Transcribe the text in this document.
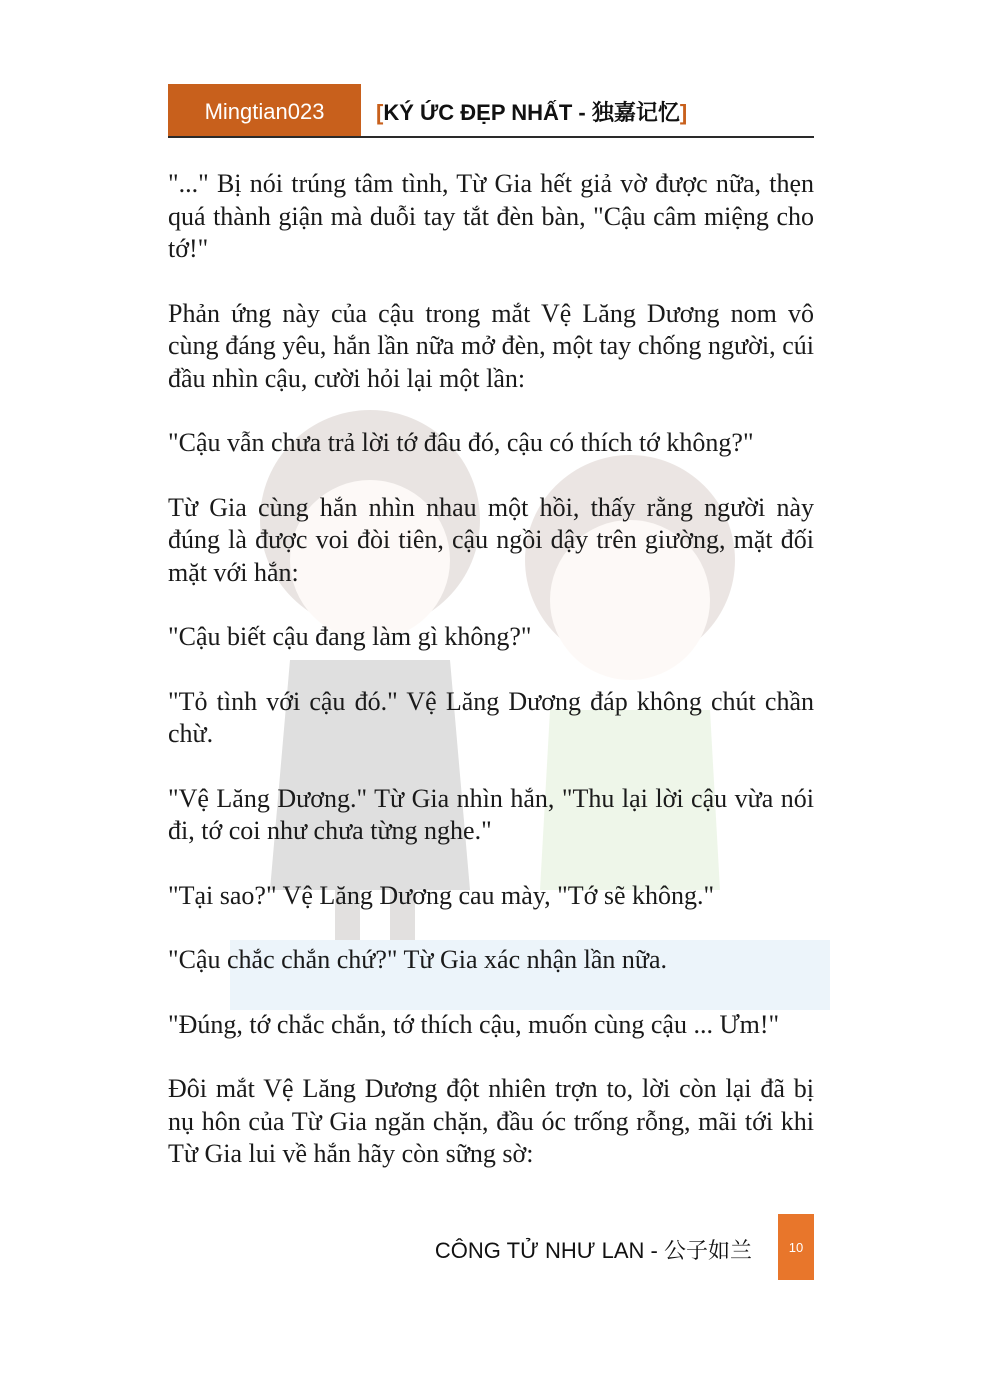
Mingtian023	[KÝ ỨC ĐẸP NHẤT - 独嘉记忆]

"..." Bị nói trúng tâm tình, Từ Gia hết giả vờ được nữa, thẹn quá thành giận mà duỗi tay tắt đèn bàn, "Cậu câm miệng cho tớ!"

Phản ứng này của cậu trong mắt Vệ Lăng Dương nom vô cùng đáng yêu, hắn lần nữa mở đèn, một tay chống người, cúi đầu nhìn cậu, cười hỏi lại một lần:

"Cậu vẫn chưa trả lời tớ đâu đó, cậu có thích tớ không?"

Từ Gia cùng hắn nhìn nhau một hồi, thấy rằng người này đúng là được voi đòi tiên, cậu ngồi dậy trên giường, mặt đối mặt với hắn:

"Cậu biết cậu đang làm gì không?"

"Tỏ tình với cậu đó." Vệ Lăng Dương đáp không chút chần chừ.

"Vệ Lăng Dương." Từ Gia nhìn hắn, "Thu lại lời cậu vừa nói đi, tớ coi như chưa từng nghe."

"Tại sao?" Vệ Lăng Dương cau mày, "Tớ sẽ không."

"Cậu chắc chắn chứ?" Từ Gia xác nhận lần nữa.

"Đúng, tớ chắc chắn, tớ thích cậu, muốn cùng cậu ... Ưm!"

Đôi mắt Vệ Lăng Dương đột nhiên trợn to, lời còn lại đã bị nụ hôn của Từ Gia ngăn chặn, đầu óc trống rỗng, mãi tới khi Từ Gia lui về hắn hãy còn sững sờ:

CÔNG TỬ NHƯ LAN - 公子如兰	10
